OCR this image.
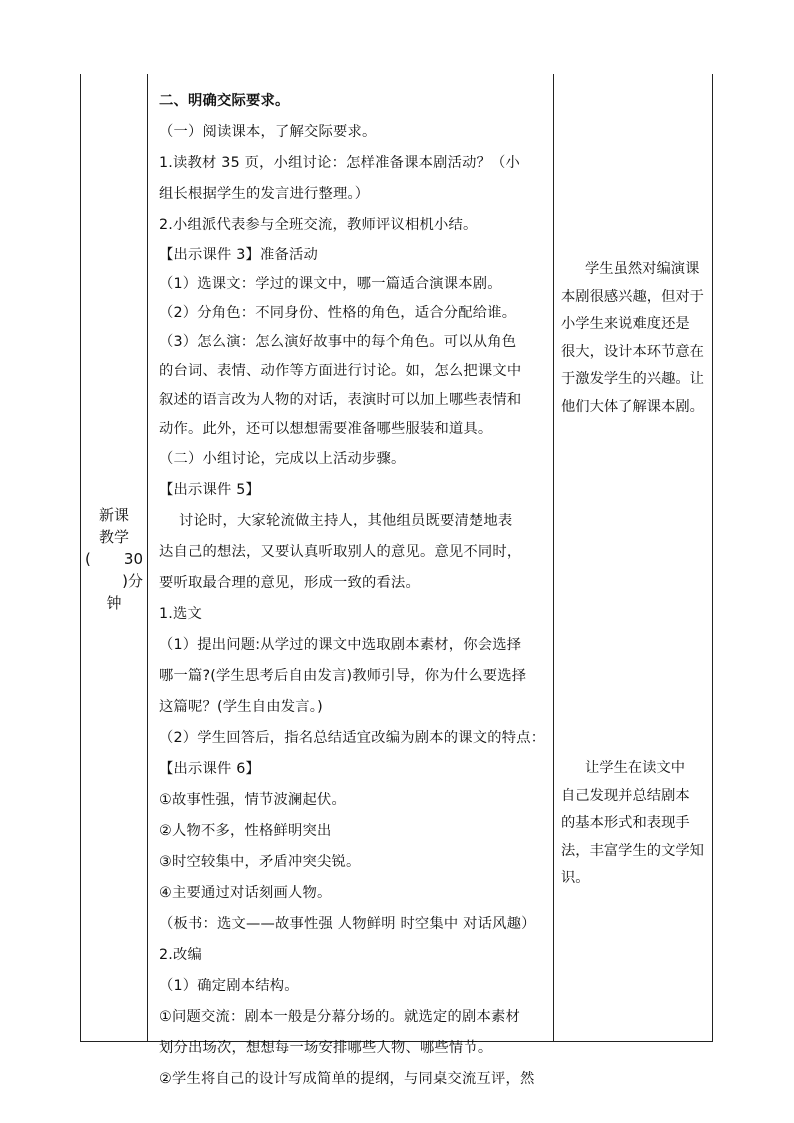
新课
教学
( 30
)分
钟
二、明确交际要求。
（一）阅读课本，了解交际要求。
1.读教材 35 页，小组讨论：怎样准备课本剧活动？（小
组长根据学生的发言进行整理。）
2.小组派代表参与全班交流，教师评议相机小结。
【出示课件 3】准备活动
（1）选课文：学过的课文中，哪一篇适合演课本剧。
（2）分角色：不同身份、性格的角色，适合分配给谁。
（3）怎么演：怎么演好故事中的每个角色。可以从角色
的台词、表情、动作等方面进行讨论。如，怎么把课文中
叙述的语言改为人物的对话，表演时可以加上哪些表情和
动作。此外，还可以想想需要准备哪些服装和道具。
（二）小组讨论，完成以上活动步骤。
【出示课件 5】
讨论时，大家轮流做主持人，其他组员既要清楚地表
达自己的想法，又要认真听取别人的意见。意见不同时，
要听取最合理的意见，形成一致的看法。
1.选文
（1）提出问题:从学过的课文中选取剧本素材，你会选择
哪一篇?(学生思考后自由发言)教师引导，你为什么要选择
这篇呢？(学生自由发言。)
（2）学生回答后，指名总结适宜改编为剧本的课文的特点：
【出示课件 6】
①故事性强，情节波澜起伏。
②人物不多，性格鲜明突出
③时空较集中，矛盾冲突尖锐。
④主要通过对话刻画人物。
（板书：选文——故事性强 人物鲜明 时空集中 对话风趣）
2.改编
（1）确定剧本结构。
①问题交流：剧本一般是分幕分场的。就选定的剧本素材
划分出场次，想想每一场安排哪些人物、哪些情节。
②学生将自己的设计写成简单的提纲，与同桌交流互评，然
学生虽然对编演课
本剧很感兴趣，但对于
小学生来说难度还是
很大，设计本环节意在
于激发学生的兴趣。让
他们大体了解课本剧。
让学生在读文中
自己发现并总结剧本
的基本形式和表现手
法，丰富学生的文学知
识。
